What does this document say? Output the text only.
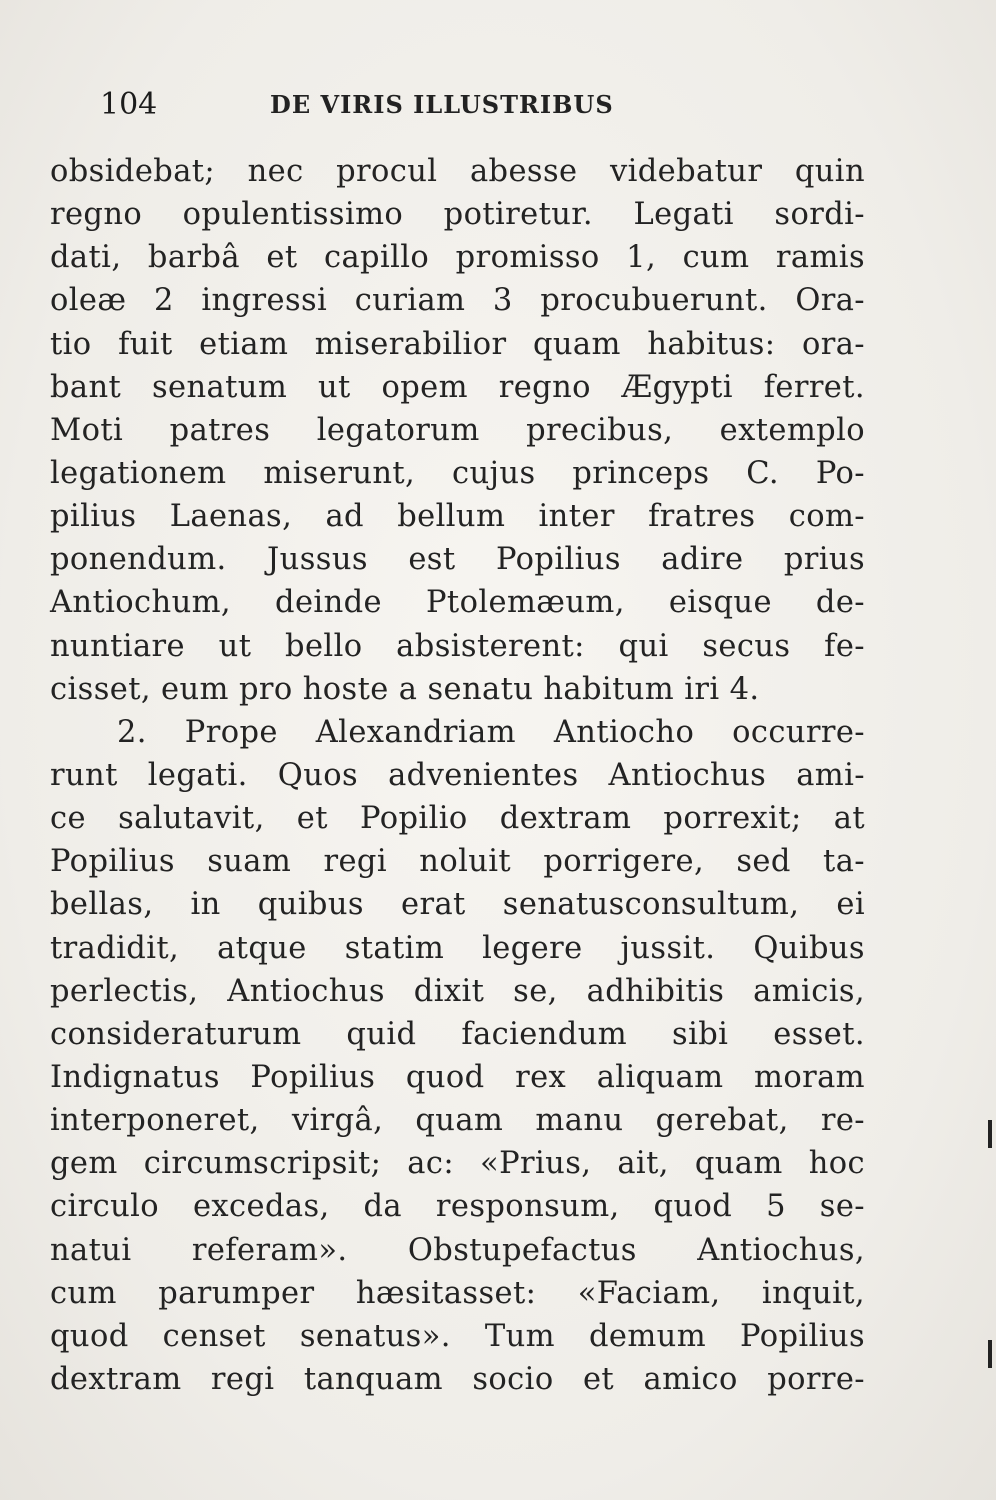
104	DE VIRIS ILLUSTRIBUS
obsidebat; nec procul abesse videbatur quin
regno opulentissimo potiretur. Legati sordi-
dati, barbâ et capillo promisso 1, cum ramis
oleæ 2 ingressi curiam 3 procubuerunt. Ora-
tio fuit etiam miserabilior quam habitus: ora-
bant senatum ut opem regno Ægypti ferret.
Moti patres legatorum precibus, extemplo
legationem miserunt, cujus princeps C. Po-
pilius Laenas, ad bellum inter fratres com-
ponendum. Jussus est Popilius adire prius
Antiochum, deinde Ptolemæum, eisque de-
nuntiare ut bello absisterent: qui secus fe-
cisset, eum pro hoste a senatu habitum iri 4.
2. Prope Alexandriam Antiocho occurre-
runt legati. Quos advenientes Antiochus ami-
ce salutavit, et Popilio dextram porrexit; at
Popilius suam regi noluit porrigere, sed ta-
bellas, in quibus erat senatusconsultum, ei
tradidit, atque statim legere jussit. Quibus
perlectis, Antiochus dixit se, adhibitis amicis,
consideraturum quid faciendum sibi esset.
Indignatus Popilius quod rex aliquam moram
interponeret, virgâ, quam manu gerebat, re-
gem circumscripsit; ac: «Prius, ait, quam hoc
circulo excedas, da responsum, quod 5 se-
natui referam». Obstupefactus Antiochus,
cum parumper hæsitasset: «Faciam, inquit,
quod censet senatus». Tum demum Popilius
dextram regi tanquam socio et amico porre-
